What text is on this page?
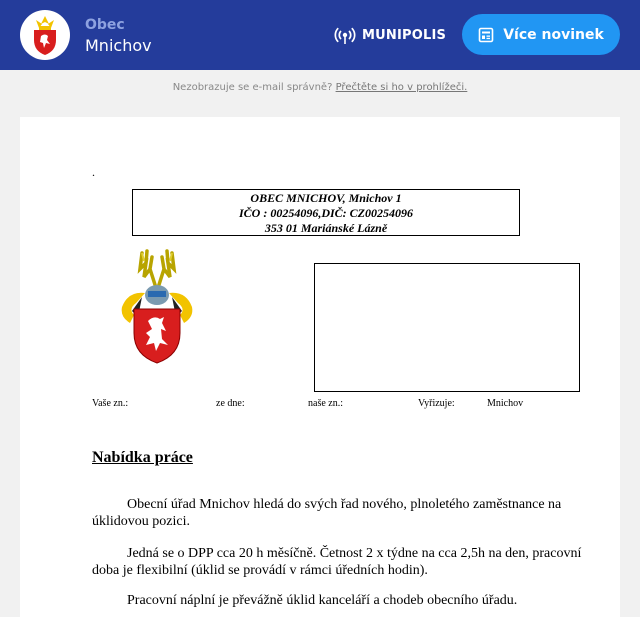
Obec
Mnichov
MUNIPOLIS	Více novinek
Nezobrazuje se e-mail správně? Přečtěte si ho v prohlížeči.
.
OBEC MNICHOV, Mnichov 1
IČO : 00254096,DIČ: CZ00254096
353 01 Mariánské Lázně
Vaše zn.:	ze dne:	naše zn.:	Vyřizuje:	Mnichov
Nabídka práce
Obecní úřad Mnichov hledá do svých řad nového, plnoletého zaměstnance na úklidovou pozici.
Jedná se o DPP cca 20 h měsíčně. Četnost 2 x týdne na cca 2,5h na den, pracovní doba je flexibilní (úklid se provádí v rámci úředních hodin).
Pracovní náplní je převážně úklid kanceláří a chodeb obecního úřadu.
